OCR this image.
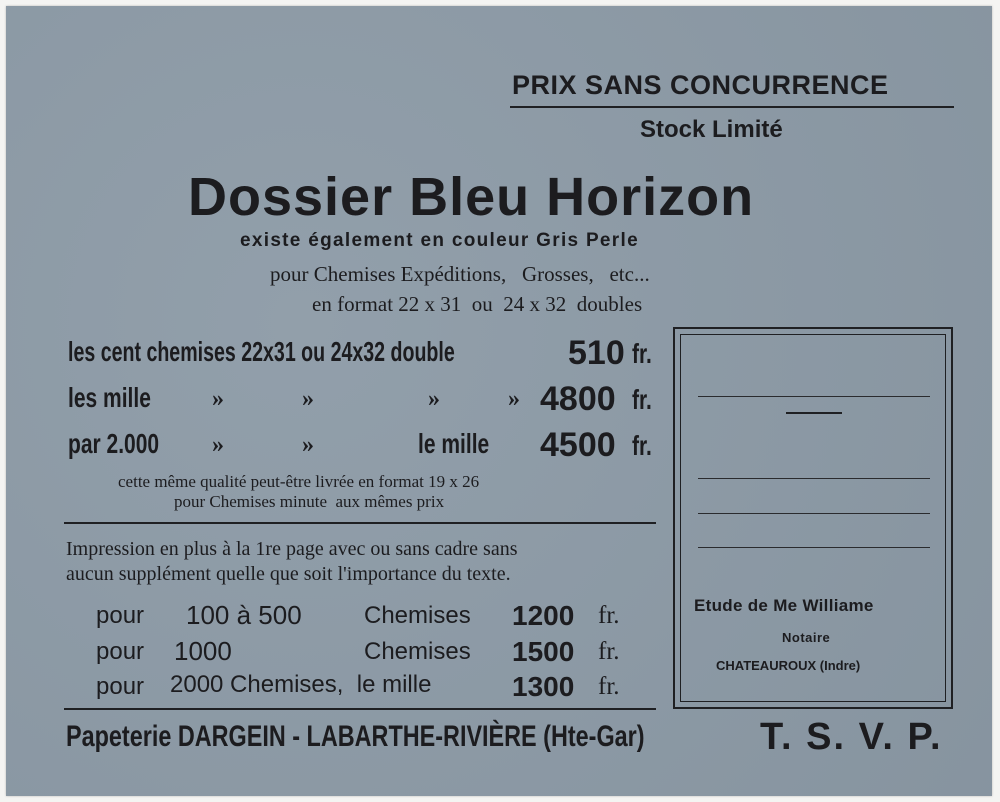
PRIX SANS CONCURRENCE
Stock Limité
Dossier Bleu Horizon
existe également en couleur Gris Perle
pour Chemises Expéditions,   Grosses,   etc...
en format 22 x 31  ou  24 x 32  doubles
les cent chemises 22x31 ou 24x32 double	510 fr.
les mille	»	»	»	» 4800 fr.
par 2.000 »	»	le mille 4500 fr.
cette même qualité peut-être livrée en format 19 x 26
pour Chemises minute  aux mêmes prix
Impression en plus à la 1re page avec ou sans cadre sans
aucun supplément quelle que soit l'importance du texte.
pour 100 à 500	Chemises 1200 fr.
pour 1000	Chemises 1500 fr.
pour 2000 Chemises,  le mille	1300 fr.
Papeterie DARGEIN - LABARTHE-RIVIÈRE (Hte-Gar)	T. S. V. P.
Etude de Me Williame
Notaire
CHATEAUROUX (Indre)
